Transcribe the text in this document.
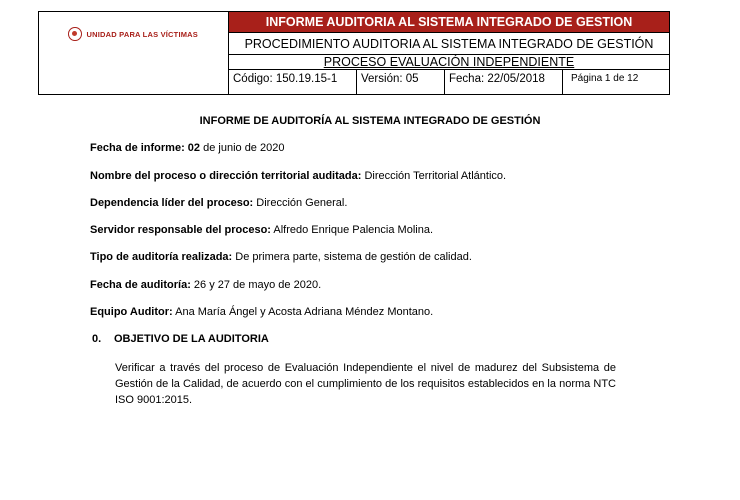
UNIDAD PARA LAS VÍCTIMAS
INFORME AUDITORIA AL SISTEMA INTEGRADO DE GESTION
PROCEDIMIENTO AUDITORIA AL SISTEMA INTEGRADO DE GESTIÓN
PROCESO EVALUACIÓN INDEPENDIENTE
Código: 150.19.15-1	Versión: 05	Fecha: 22/05/2018	Página 1 de 12
INFORME DE AUDITORÍA AL SISTEMA INTEGRADO DE GESTIÓN
Fecha de informe: 02 de junio de 2020
Nombre del proceso o dirección territorial auditada: Dirección Territorial Atlántico.
Dependencia líder del proceso: Dirección General.
Servidor responsable del proceso: Alfredo Enrique Palencia Molina.
Tipo de auditoría realizada: De primera parte, sistema de gestión de calidad.
Fecha de auditoría: 26 y 27 de mayo de 2020.
Equipo Auditor: Ana María Ángel y Acosta Adriana Méndez Montano.
0. OBJETIVO DE LA AUDITORIA
Verificar a través del proceso de Evaluación Independiente el nivel de madurez del Subsistema de Gestión de la Calidad, de acuerdo con el cumplimiento de los requisitos establecidos en la norma NTC ISO 9001:2015.
